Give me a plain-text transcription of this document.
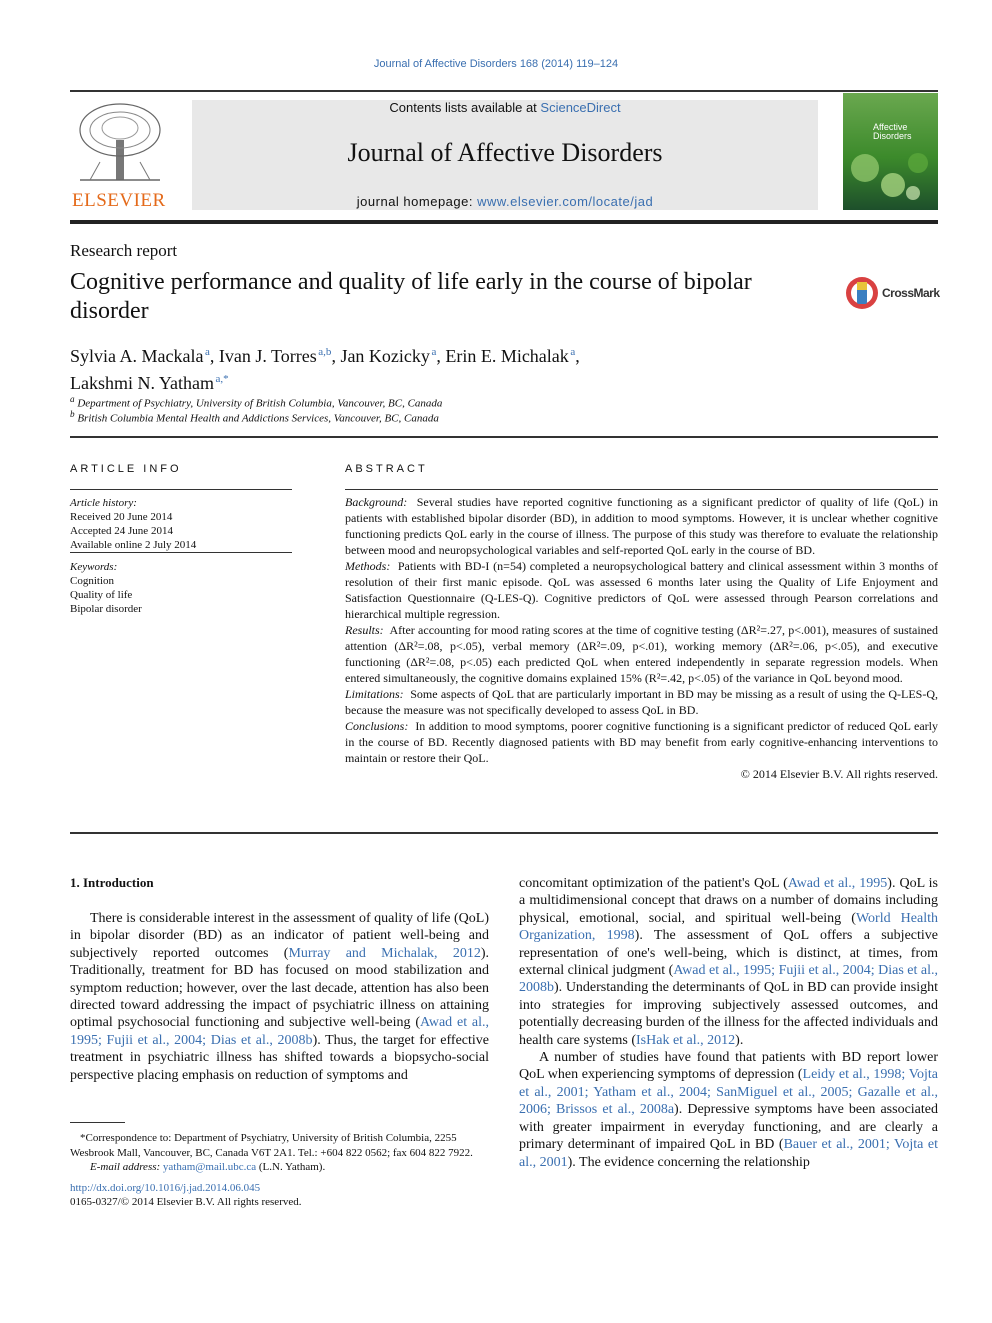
Journal of Affective Disorders 168 (2014) 119–124
ELSEVIER
Contents lists available at ScienceDirect
Journal of Affective Disorders
journal homepage: www.elsevier.com/locate/jad
Affective
Disorders
Research report
Cognitive performance and quality of life early in the course of bipolar disorder
CrossMark
Sylvia A. Mackala  $^a$, Ivan J. Torres  $^{a,b}$, Jan Kozicky  $^a$, Erin E. Michalak  $^a$,
Lakshmi N. Yatham  $^{a,*}$
$^a$ Department of Psychiatry, University of British Columbia, Vancouver, BC, Canada
$^b$ British Columbia Mental Health and Addictions Services, Vancouver, BC, Canada
ARTICLE INFO
Article history:
Received 20 June 2014
Accepted 24 June 2014
Available online 2 July 2014
Keywords:
Cognition
Quality of life
Bipolar disorder
ABSTRACT

Background: Several studies have reported cognitive functioning as a significant predictor of quality of life (QoL) in patients with established bipolar disorder (BD), in addition to mood symptoms. However, it is unclear whether cognitive functioning predicts QoL early in the course of illness. The purpose of this study was therefore to evaluate the relationship between mood and neuropsychological variables and self-reported QoL early in the course of BD.

Methods: Patients with BD-I (n=54) completed a neuropsychological battery and clinical assessment within 3 months of resolution of their first manic episode. QoL was assessed 6 months later using the Quality of Life Enjoyment and Satisfaction Questionnaire (Q-LES-Q). Cognitive predictors of QoL were assessed through Pearson correlations and hierarchical multiple regression.

Results: After accounting for mood rating scores at the time of cognitive testing (ΔR²=.27, p<.001), measures of sustained attention (ΔR²=.08, p<.05), verbal memory (ΔR²=.09, p<.01), working memory (ΔR²=.06, p<.05), and executive functioning (ΔR²=.08, p<.05) each predicted QoL when entered independently in separate regression models. When entered simultaneously, the cognitive domains explained 15% (R²=.42, p<.05) of the variance in QoL beyond mood.

Limitations: Some aspects of QoL that are particularly important in BD may be missing as a result of using the Q-LES-Q, because the measure was not specifically developed to assess QoL in BD.

Conclusions: In addition to mood symptoms, poorer cognitive functioning is a significant predictor of reduced QoL early in the course of BD. Recently diagnosed patients with BD may benefit from early cognitive-enhancing interventions to maintain or restore their QoL.

© 2014 Elsevier B.V. All rights reserved.

1. Introduction

There is considerable interest in the assessment of quality of life (QoL) in bipolar disorder (BD) as an indicator of patient well-being and subjectively reported outcomes (Murray and Michalak, 2012). Traditionally, treatment for BD has focused on mood stabilization and symptom reduction; however, over the last decade, attention has also been directed toward addressing the impact of psychiatric illness on attaining optimal psychosocial functioning and subjective well-being (Awad et al., 1995; Fujii et al., 2004; Dias et al., 2008b). Thus, the target for effective treatment in psychiatric illness has shifted towards a biopsycho-social perspective placing emphasis on reduction of symptoms and

concomitant optimization of the patient's QoL (Awad et al., 1995). QoL is a multidimensional concept that draws on a number of domains including physical, emotional, social, and spiritual well-being (World Health Organization, 1998). The assessment of QoL offers a subjective representation of one's well-being, which is distinct, at times, from external clinical judgment (Awad et al., 1995; Fujii et al., 2004; Dias et al., 2008b). Understanding the determinants of QoL in BD can provide insight into strategies for improving subjectively assessed outcomes, and potentially decreasing burden of the illness for the affected individuals and health care systems (IsHak et al., 2012).

A number of studies have found that patients with BD report lower QoL when experiencing symptoms of depression (Leidy et al., 1998; Vojta et al., 2001; Yatham et al., 2004; SanMiguel et al., 2005; Gazalle et al., 2006; Brissos et al., 2008a). Depressive symptoms have been associated with greater impairment in everyday functioning, and are clearly a primary determinant of impaired QoL in BD (Bauer et al., 2001; Vojta et al., 2001). The evidence concerning the relationship

*Correspondence to: Department of Psychiatry, University of British Columbia, 2255 Wesbrook Mall, Vancouver, BC, Canada V6T 2A1. Tel.: +604 822 0562; fax 604 822 7922.
E-mail address: yatham@mail.ubc.ca (L.N. Yatham).
http://dx.doi.org/10.1016/j.jad.2014.06.045
0165-0327/© 2014 Elsevier B.V. All rights reserved.
